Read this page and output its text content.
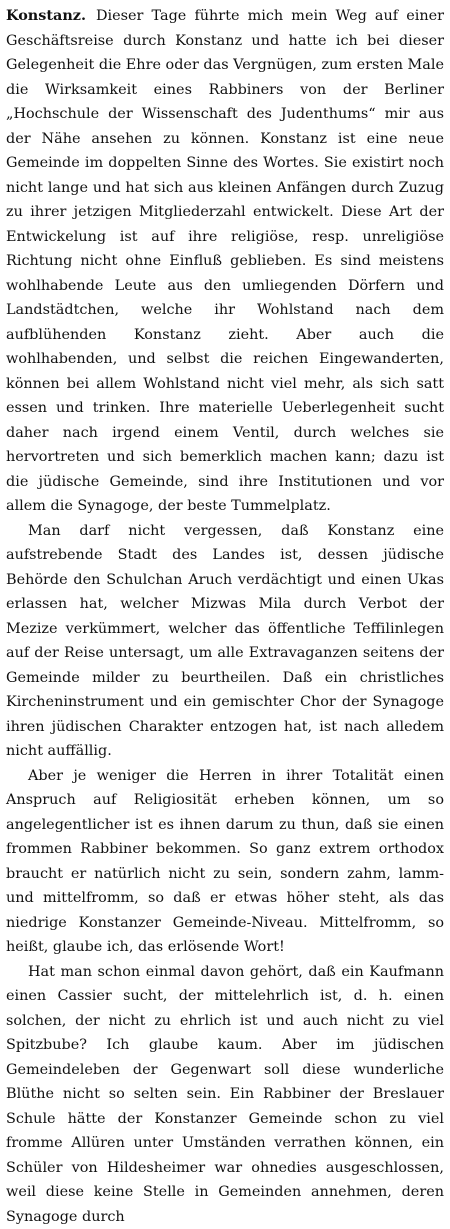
Konstanz. Dieser Tage führte mich mein Weg auf einer Geschäftsreise durch Konstanz und hatte ich bei dieser Gelegenheit die Ehre oder das Vergnügen, zum ersten Male die Wirksamkeit eines Rabbiners von der Berliner „Hochschule der Wissenschaft des Judenthums“ mir aus der Nähe ansehen zu können. Konstanz ist eine neue Gemeinde im doppelten Sinne des Wortes. Sie existirt noch nicht lange und hat sich aus kleinen Anfängen durch Zuzug zu ihrer jetzigen Mitgliederzahl entwickelt. Diese Art der Entwickelung ist auf ihre religiöse, resp. unreligiöse Richtung nicht ohne Einfluß geblieben. Es sind meistens wohlhabende Leute aus den umliegenden Dörfern und Landstädtchen, welche ihr Wohlstand nach dem aufblühenden Konstanz zieht. Aber auch die wohlhabenden, und selbst die reichen Eingewanderten, können bei allem Wohlstand nicht viel mehr, als sich satt essen und trinken. Ihre materielle Ueberlegenheit sucht daher nach irgend einem Ventil, durch welches sie hervortreten und sich bemerklich machen kann; dazu ist die jüdische Gemeinde, sind ihre Institutionen und vor allem die Synagoge, der beste Tummelplatz.

Man darf nicht vergessen, daß Konstanz eine aufstrebende Stadt des Landes ist, dessen jüdische Behörde den Schulchan Aruch verdächtigt und einen Ukas erlassen hat, welcher Mizwas Mila durch Verbot der Mezize verkümmert, welcher das öffentliche Teffilinlegen auf der Reise untersagt, um alle Extravaganzen seitens der Gemeinde milder zu beurtheilen. Daß ein christliches Kircheninstrument und ein gemischter Chor der Synagoge ihren jüdischen Charakter entzogen hat, ist nach alledem nicht auffällig.

Aber je weniger die Herren in ihrer Totalität einen Anspruch auf Religiosität erheben können, um so angelegentlicher ist es ihnen darum zu thun, daß sie einen frommen Rabbiner bekommen. So ganz extrem orthodox braucht er natürlich nicht zu sein, sondern zahm, lamm- und mittelfromm, so daß er etwas höher steht, als das niedrige Konstanzer Gemeinde-Niveau. Mittelfromm, so heißt, glaube ich, das erlösende Wort!

Hat man schon einmal davon gehört, daß ein Kaufmann einen Cassier sucht, der mittelehrlich ist, d. h. einen solchen, der nicht zu ehrlich ist und auch nicht zu viel Spitzbube? Ich glaube kaum. Aber im jüdischen Gemeindeleben der Gegenwart soll diese wunderliche Blüthe nicht so selten sein. Ein Rabbiner der Breslauer Schule hätte der Konstanzer Gemeinde schon zu viel fromme Allüren unter Umständen verrathen können, ein Schüler von Hildesheimer war ohnedies ausgeschlossen, weil diese keine Stelle in Gemeinden annehmen, deren Synagoge durch
